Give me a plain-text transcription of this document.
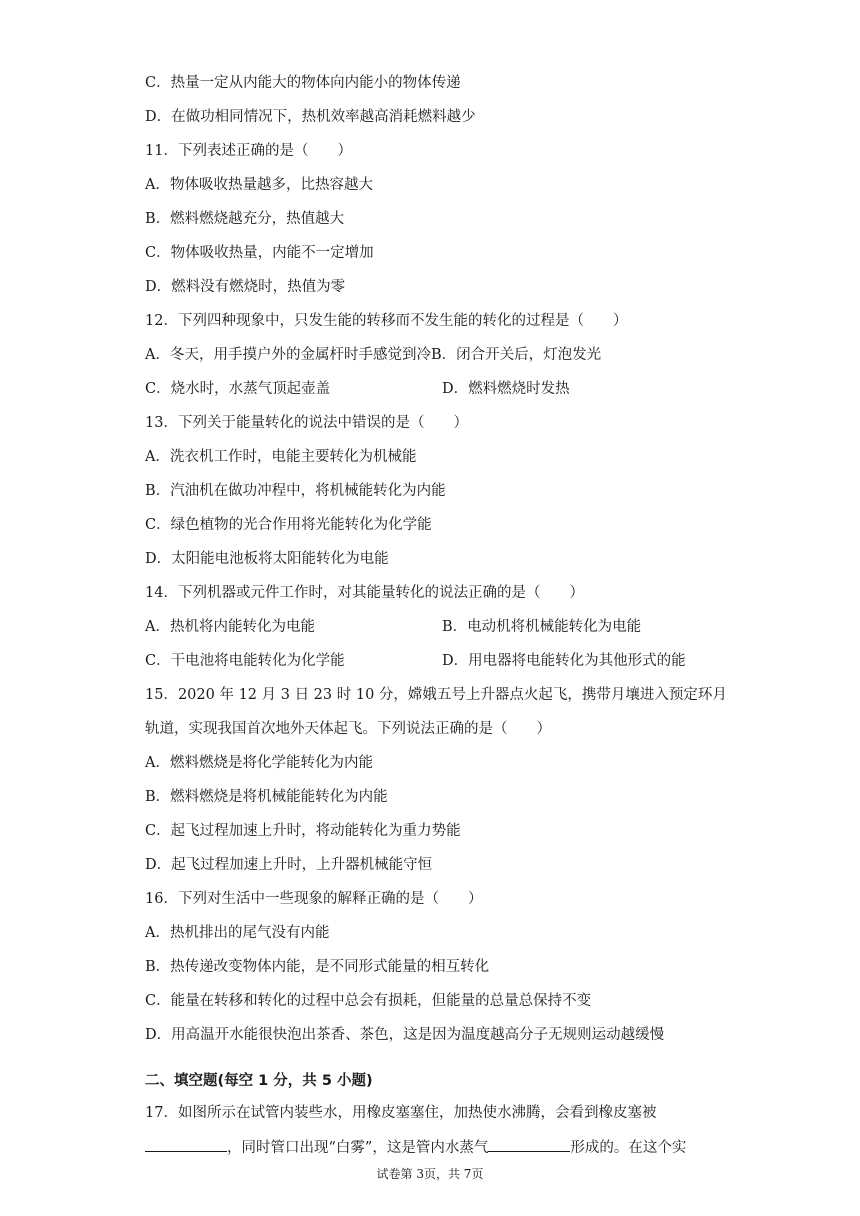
C．热量一定从内能大的物体向内能小的物体传递
D．在做功相同情况下，热机效率越高消耗燃料越少
11．下列表述正确的是（　　）
A．物体吸收热量越多，比热容越大
B．燃料燃烧越充分，热值越大
C．物体吸收热量，内能不一定增加
D．燃料没有燃烧时，热值为零
12．下列四种现象中，只发生能的转移而不发生能的转化的过程是（　　）
A．冬天，用手摸户外的金属杆时手感觉到冷B．闭合开关后，灯泡发光
C．烧水时，水蒸气顶起壶盖	D．燃料燃烧时发热
13．下列关于能量转化的说法中错误的是（　　）
A．洗衣机工作时，电能主要转化为机械能
B．汽油机在做功冲程中，将机械能转化为内能
C．绿色植物的光合作用将光能转化为化学能
D．太阳能电池板将太阳能转化为电能
14．下列机器或元件工作时，对其能量转化的说法正确的是（　　）
A．热机将内能转化为电能	B．电动机将机械能转化为电能
C．干电池将电能转化为化学能	D．用电器将电能转化为其他形式的能
15．2020 年 12 月 3 日 23 时 10 分，嫦娥五号上升器点火起飞，携带月壤进入预定环月
轨道，实现我国首次地外天体起飞。下列说法正确的是（　　）
A．燃料燃烧是将化学能转化为内能
B．燃料燃烧是将机械能能转化为内能
C．起飞过程加速上升时，将动能转化为重力势能
D．起飞过程加速上升时，上升器机械能守恒
16．下列对生活中一些现象的解释正确的是（　　）
A．热机排出的尾气没有内能
B．热传递改变物体内能，是不同形式能量的相互转化
C．能量在转移和转化的过程中总会有损耗，但能量的总量总保持不变
D．用高温开水能很快泡出茶香、茶色，这是因为温度越高分子无规则运动越缓慢
二、填空题(每空 1 分，共 5 小题)
17．如图所示在试管内装些水，用橡皮塞塞住，加热使水沸腾，会看到橡皮塞被
，同时管口出现“白雾”，这是管内水蒸气	形成的。在这个实
试卷第 3页，共 7页
